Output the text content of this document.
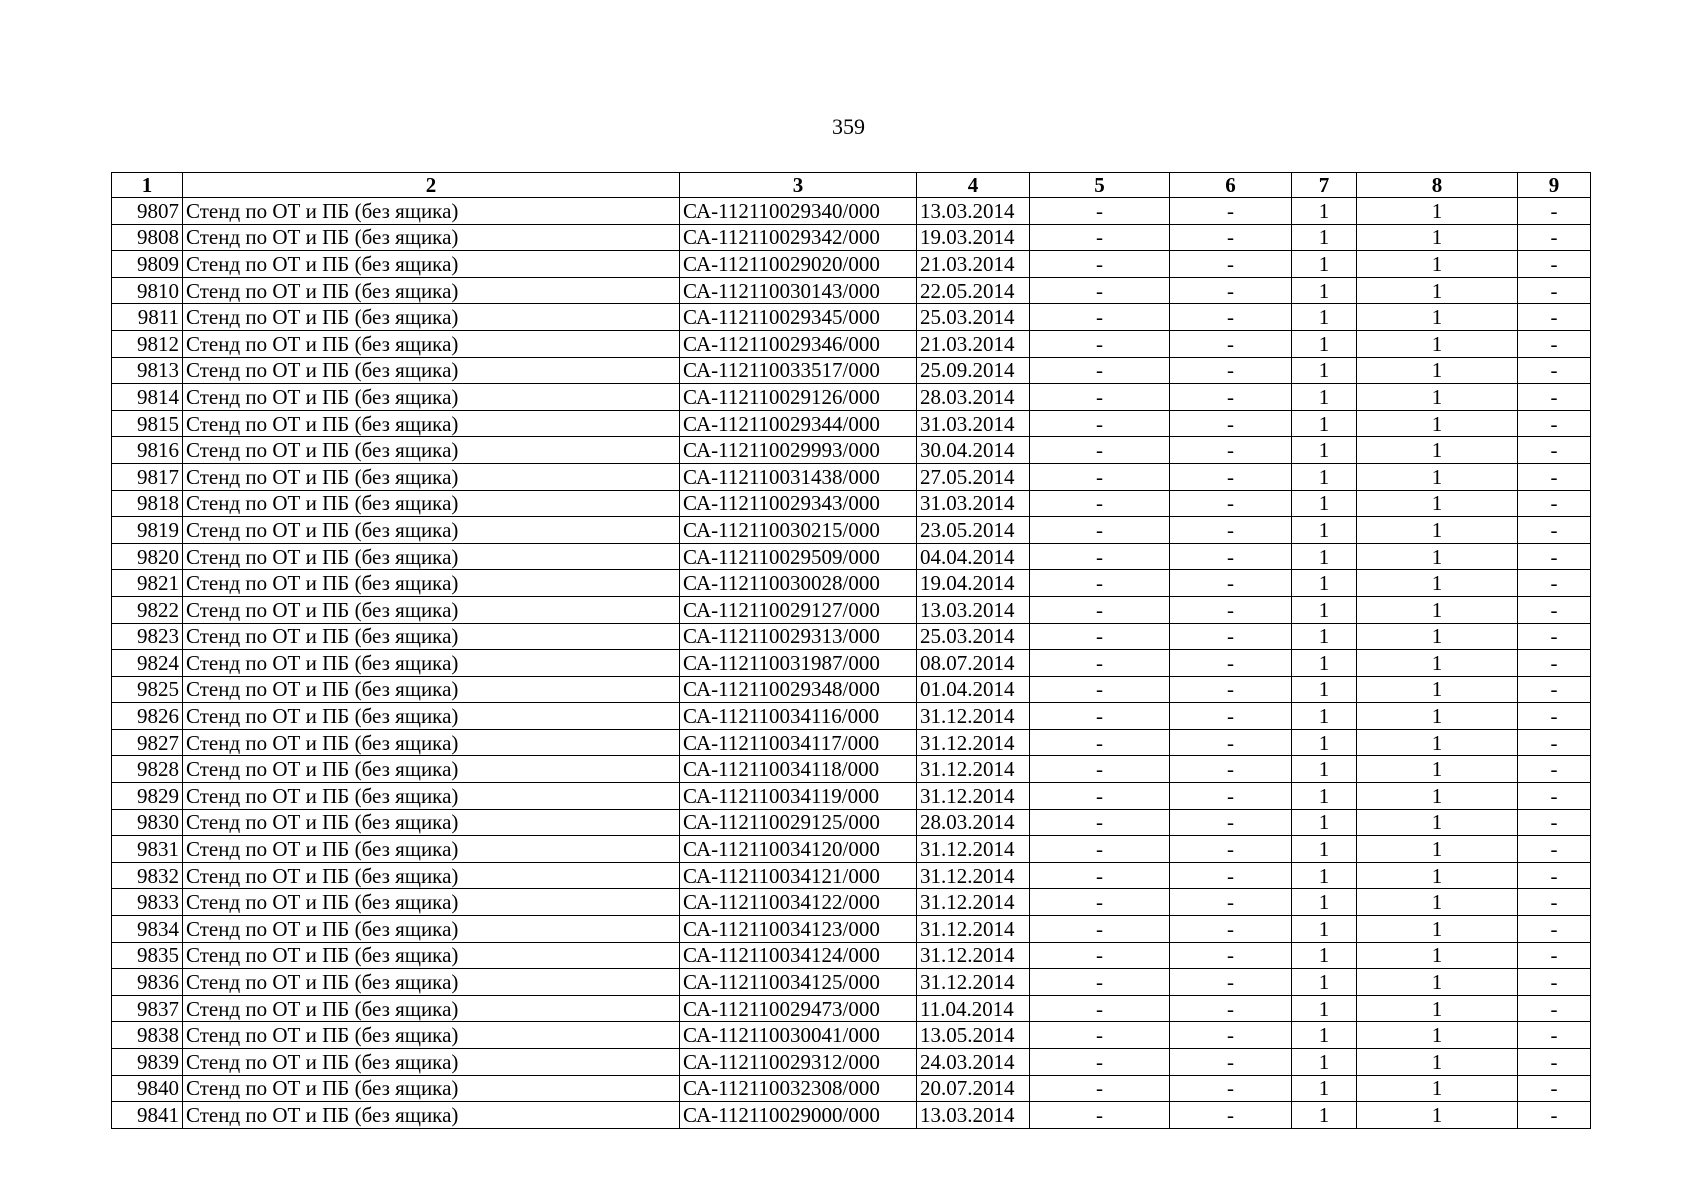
359
1	2	3	4	5	6	7	8	9
9807	Стенд по ОТ и ПБ (без ящика)	СА-112110029340/000	13.03.2014	-	-	1	1	-
9808	Стенд по ОТ и ПБ (без ящика)	СА-112110029342/000	19.03.2014	-	-	1	1	-
9809	Стенд по ОТ и ПБ (без ящика)	СА-112110029020/000	21.03.2014	-	-	1	1	-
9810	Стенд по ОТ и ПБ (без ящика)	СА-112110030143/000	22.05.2014	-	-	1	1	-
9811	Стенд по ОТ и ПБ (без ящика)	СА-112110029345/000	25.03.2014	-	-	1	1	-
9812	Стенд по ОТ и ПБ (без ящика)	СА-112110029346/000	21.03.2014	-	-	1	1	-
9813	Стенд по ОТ и ПБ (без ящика)	СА-112110033517/000	25.09.2014	-	-	1	1	-
9814	Стенд по ОТ и ПБ (без ящика)	СА-112110029126/000	28.03.2014	-	-	1	1	-
9815	Стенд по ОТ и ПБ (без ящика)	СА-112110029344/000	31.03.2014	-	-	1	1	-
9816	Стенд по ОТ и ПБ (без ящика)	СА-112110029993/000	30.04.2014	-	-	1	1	-
9817	Стенд по ОТ и ПБ (без ящика)	СА-112110031438/000	27.05.2014	-	-	1	1	-
9818	Стенд по ОТ и ПБ (без ящика)	СА-112110029343/000	31.03.2014	-	-	1	1	-
9819	Стенд по ОТ и ПБ (без ящика)	СА-112110030215/000	23.05.2014	-	-	1	1	-
9820	Стенд по ОТ и ПБ (без ящика)	СА-112110029509/000	04.04.2014	-	-	1	1	-
9821	Стенд по ОТ и ПБ (без ящика)	СА-112110030028/000	19.04.2014	-	-	1	1	-
9822	Стенд по ОТ и ПБ (без ящика)	СА-112110029127/000	13.03.2014	-	-	1	1	-
9823	Стенд по ОТ и ПБ (без ящика)	СА-112110029313/000	25.03.2014	-	-	1	1	-
9824	Стенд по ОТ и ПБ (без ящика)	СА-112110031987/000	08.07.2014	-	-	1	1	-
9825	Стенд по ОТ и ПБ (без ящика)	СА-112110029348/000	01.04.2014	-	-	1	1	-
9826	Стенд по ОТ и ПБ (без ящика)	СА-112110034116/000	31.12.2014	-	-	1	1	-
9827	Стенд по ОТ и ПБ (без ящика)	СА-112110034117/000	31.12.2014	-	-	1	1	-
9828	Стенд по ОТ и ПБ (без ящика)	СА-112110034118/000	31.12.2014	-	-	1	1	-
9829	Стенд по ОТ и ПБ (без ящика)	СА-112110034119/000	31.12.2014	-	-	1	1	-
9830	Стенд по ОТ и ПБ (без ящика)	СА-112110029125/000	28.03.2014	-	-	1	1	-
9831	Стенд по ОТ и ПБ (без ящика)	СА-112110034120/000	31.12.2014	-	-	1	1	-
9832	Стенд по ОТ и ПБ (без ящика)	СА-112110034121/000	31.12.2014	-	-	1	1	-
9833	Стенд по ОТ и ПБ (без ящика)	СА-112110034122/000	31.12.2014	-	-	1	1	-
9834	Стенд по ОТ и ПБ (без ящика)	СА-112110034123/000	31.12.2014	-	-	1	1	-
9835	Стенд по ОТ и ПБ (без ящика)	СА-112110034124/000	31.12.2014	-	-	1	1	-
9836	Стенд по ОТ и ПБ (без ящика)	СА-112110034125/000	31.12.2014	-	-	1	1	-
9837	Стенд по ОТ и ПБ (без ящика)	СА-112110029473/000	11.04.2014	-	-	1	1	-
9838	Стенд по ОТ и ПБ (без ящика)	СА-112110030041/000	13.05.2014	-	-	1	1	-
9839	Стенд по ОТ и ПБ (без ящика)	СА-112110029312/000	24.03.2014	-	-	1	1	-
9840	Стенд по ОТ и ПБ (без ящика)	СА-112110032308/000	20.07.2014	-	-	1	1	-
9841	Стенд по ОТ и ПБ (без ящика)	СА-112110029000/000	13.03.2014	-	-	1	1	-
